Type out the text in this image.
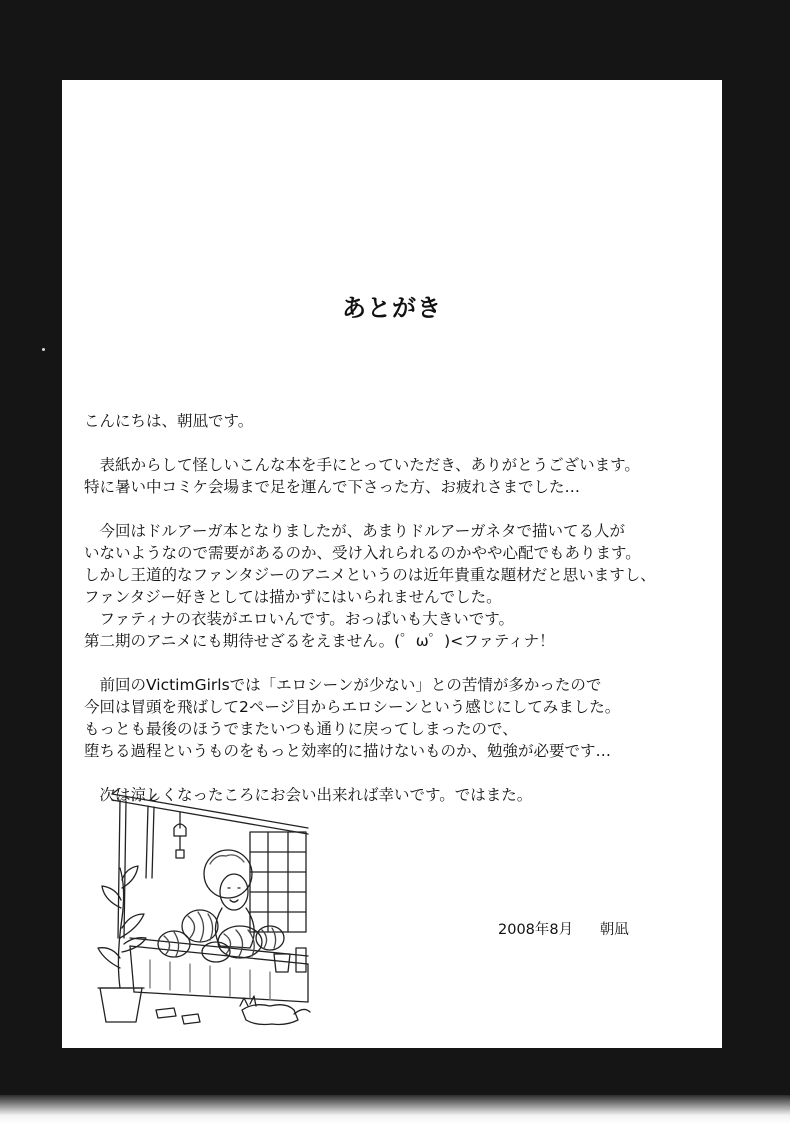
あとがき
こんにちは、朝凪です。
　表紙からして怪しいこんな本を手にとっていただき、ありがとうございます。
特に暑い中コミケ会場まで足を運んで下さった方、お疲れさまでした…
　今回はドルアーガ本となりましたが、あまりドルアーガネタで描いてる人が
いないようなので需要があるのか、受け入れられるのかやや心配でもあります。
しかし王道的なファンタジーのアニメというのは近年貴重な題材だと思いますし、
ファンタジー好きとしては描かずにはいられませんでした。
　ファティナの衣装がエロいんです。おっぱいも大きいです。
第二期のアニメにも期待せざるをえません。(゜ω゜)<ファティナ！
　前回のVictimGirlsでは「エロシーンが少ない」との苦情が多かったので
今回は冒頭を飛ばして2ページ目からエロシーンという感じにしてみました。
もっとも最後のほうでまたいつも通りに戻ってしまったので、
堕ちる過程というものをもっと効率的に描けないものか、勉強が必要です…
　次は涼しくなったころにお会い出来れば幸いです。ではまた。
2008年8月 朝凪
